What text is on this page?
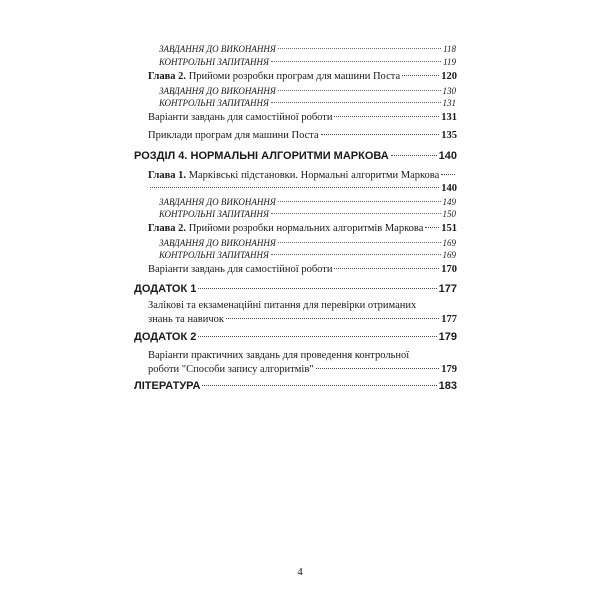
ЗАВДАННЯ ДО ВИКОНАННЯ	118
КОНТРОЛЬНІ ЗАПИТАННЯ	119
Глава 2. Прийоми розробки програм для машини Поста	120
ЗАВДАННЯ ДО ВИКОНАННЯ	130
КОНТРОЛЬНІ ЗАПИТАННЯ	131
Варіанти завдань для самостійної роботи	131
Приклади програм для машини Поста	135
РОЗДІЛ 4. НОРМАЛЬНІ АЛГОРИТМИ МАРКОВА	140
Глава 1. Марківські підстановки. Нормальні алгоритми Маркова
140
ЗАВДАННЯ ДО ВИКОНАННЯ	149
КОНТРОЛЬНІ ЗАПИТАННЯ	150
Глава 2. Прийоми розробки нормальних алгоритмів Маркова 151
ЗАВДАННЯ ДО ВИКОНАННЯ	169
КОНТРОЛЬНІ ЗАПИТАННЯ	169
Варіанти завдань для самостійної роботи	170
ДОДАТОК 1	177
Залікові та екзаменаційні питання для перевірки отриманих
знань та навичок	177
ДОДАТОК 2	179
Варіанти практичних завдань для проведення контрольної
роботи "Способи запису алгоритмів"	179
ЛІТЕРАТУРА	183
4
